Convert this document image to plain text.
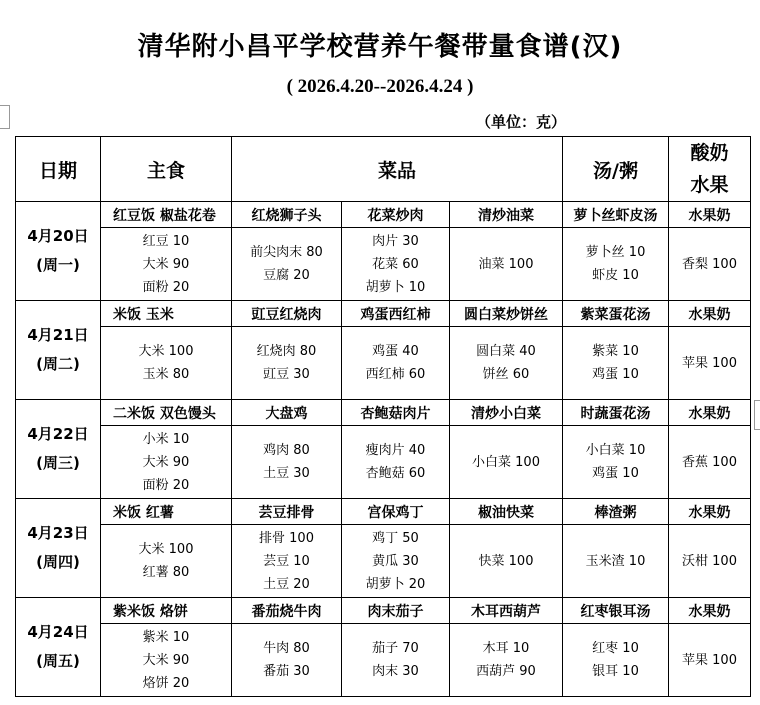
清华附小昌平学校营养午餐带量食谱(汉)
( 2026.4.20--2026.4.24 )
（单位：克）
日期	主食	菜品			汤/粥	酸奶
水果

4月20日
(周一)	红豆饭 椒盐花卷	红烧狮子头	花菜炒肉	清炒油菜	萝卜丝虾皮汤	水果奶

	红豆 10
大米 90
面粉 20	前尖肉末 80
豆腐 20	肉片 30
花菜 60
胡萝卜 10	油菜 100	萝卜丝 10
虾皮 10	香梨 100

4月21日
(周二)	米饭 玉米	豇豆红烧肉	鸡蛋西红柿	圆白菜炒饼丝	紫菜蛋花汤	水果奶

	大米 100
玉米 80	红烧肉 80
豇豆 30	鸡蛋 40
西红柿 60	圆白菜 40
饼丝 60	紫菜 10
鸡蛋 10	苹果 100

4月22日
(周三)	二米饭 双色馒头	大盘鸡	杏鲍菇肉片	清炒小白菜	时蔬蛋花汤	水果奶

	小米 10
大米 90
面粉 20	鸡肉 80
土豆 30	瘦肉片 40
杏鲍菇 60	小白菜 100	小白菜 10
鸡蛋 10	香蕉 100

4月23日
(周四)	米饭 红薯	芸豆排骨	宫保鸡丁	椒油快菜	棒渣粥	水果奶

	大米 100
红薯 80	排骨 100
芸豆 10
土豆 20	鸡丁 50
黄瓜 30
胡萝卜 20	快菜 100	玉米渣 10	沃柑 100

4月24日
(周五)	紫米饭 烙饼	番茄烧牛肉	肉末茄子	木耳西葫芦	红枣银耳汤	水果奶

	紫米 10
大米 90
烙饼 20	牛肉 80
番茄 30	茄子 70
肉末 30	木耳 10
西葫芦 90	红枣 10
银耳 10	苹果 100
